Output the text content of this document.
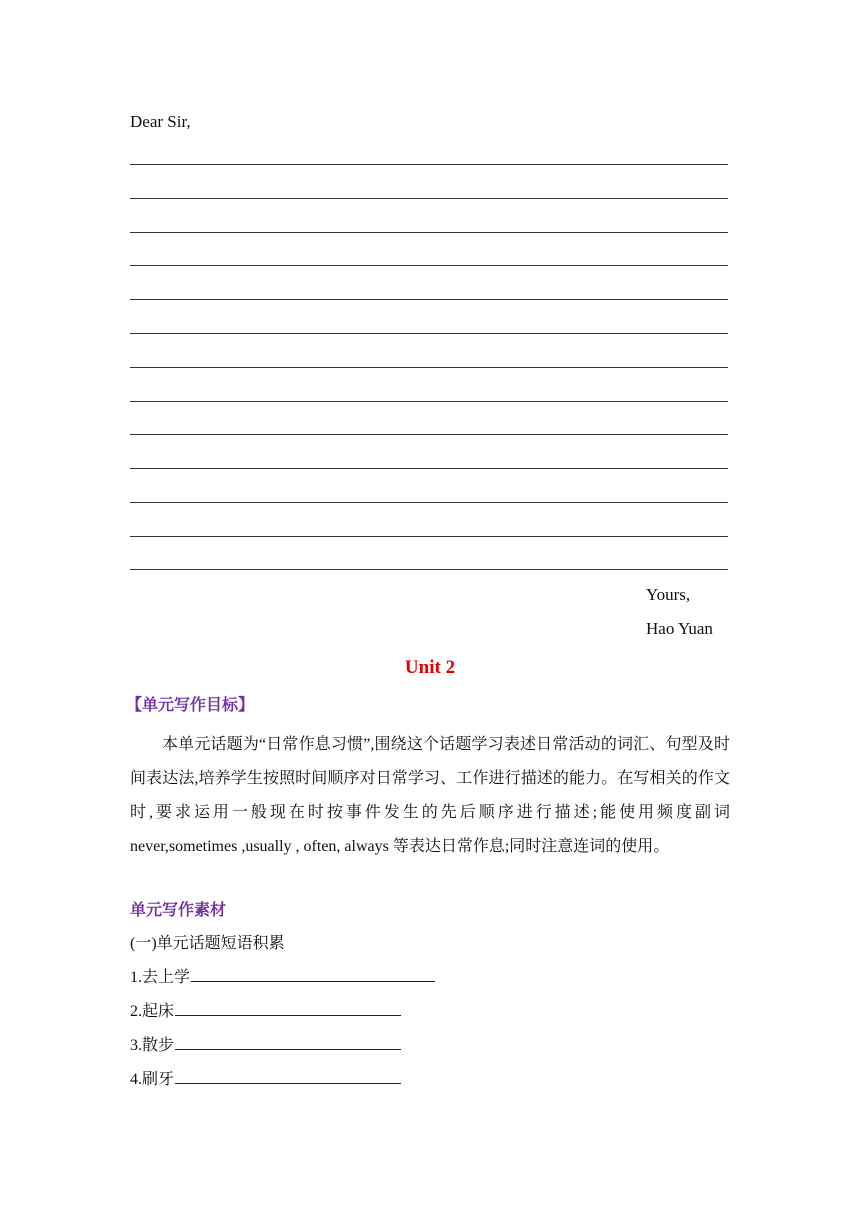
Dear Sir,
Yours,
Hao Yuan
Unit 2
【单元写作目标】

本单元话题为“日常作息习惯”,围绕这个话题学习表述日常活动的词汇、句型及时间表达法,培养学生按照时间顺序对日常学习、工作进行描述的能力。在写相关的作文时,要求运用一般现在时按事件发生的先后顺序进行描述;能使用频度副词 never,sometimes ,usually , often, always 等表达日常作息;同时注意连词的使用。

单元写作素材
(一)单元话题短语积累
1.去上学
2.起床
3.散步
4.刷牙
